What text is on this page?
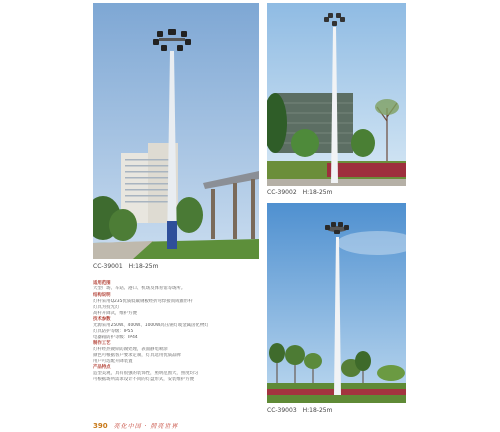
CC-39001 H:18-25m
CC-39002 H:18-25m
CC-39003 H:18-25m
适用范围
大型广场、车站、港口、机场及体育馆等场所。
结构说明
灯杆采用Q235优质低碳钢板经折弯焊接而成锥形杆
灯具为投光灯
高杆升降式，维护方便
技术参数
光源采用250W、400W、1000W高压钠灯或金属卤化物灯
灯具防护等级：IP55
电器箱防护等级：IP44
制作工艺
灯杆经热镀锌防腐处理，表面静电喷涂
颜色可根据客户要求定制，灯具选用优质品牌
用户可选配升降装置
产品特点
造型美观，具有很强的装饰性，照明范围大，照度均匀
可根据场所需求设计不同的灯盘形式，安装维护方便
390 亮化中国 · 照亮世界
